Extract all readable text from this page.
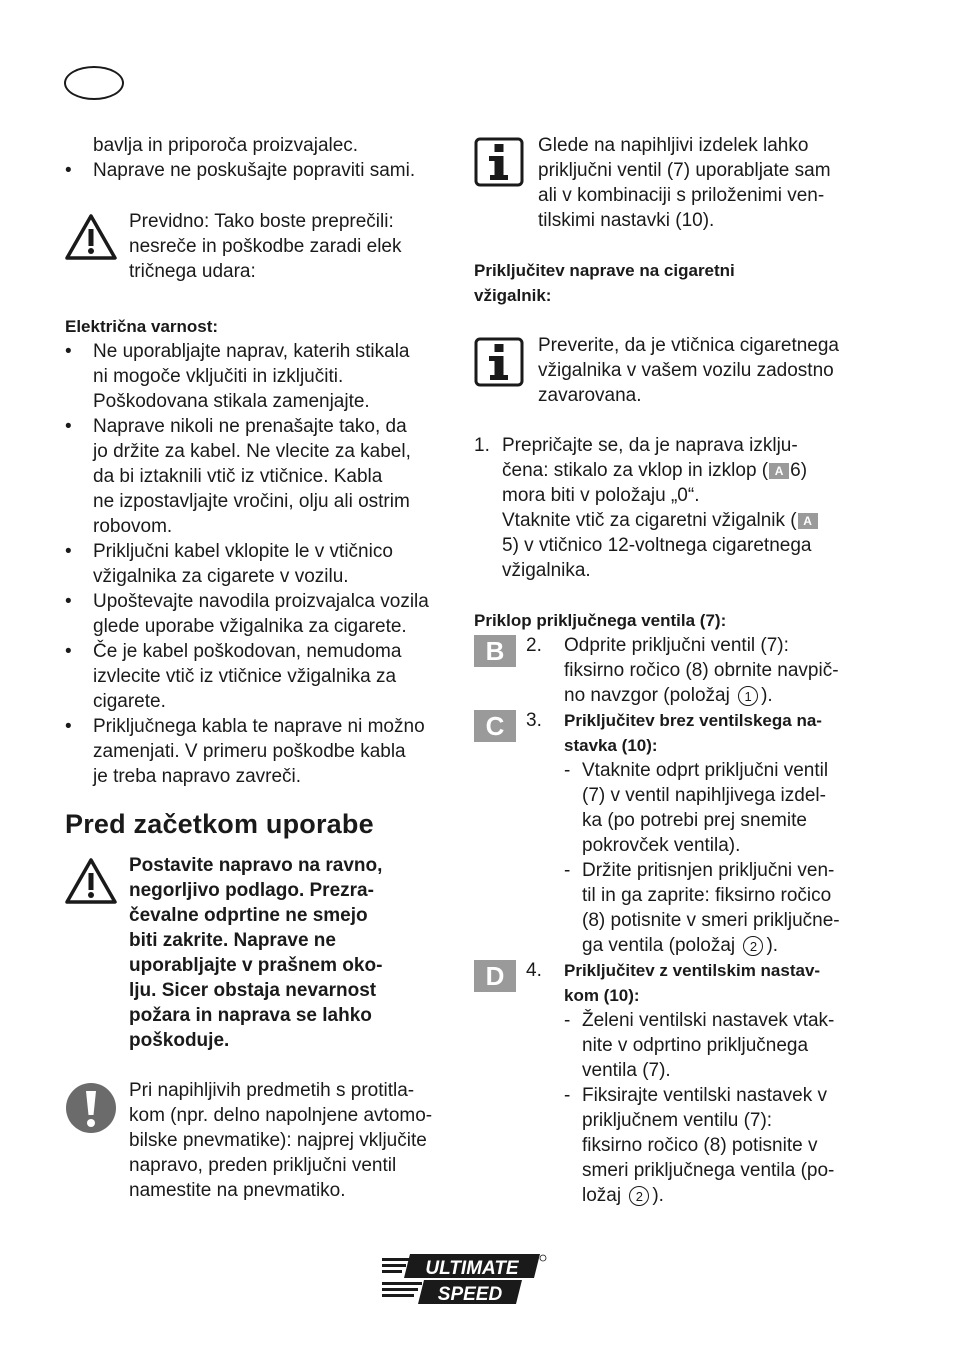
bavlja in priporoča proizvajalec.
• Naprave ne poskušajte popraviti sami.
Previdno: Tako boste preprečili:
nesreče in poškodbe zaradi elek
tričnega udara:
Električna varnost:
• Ne uporabljajte naprav, katerih stikala
ni mogoče vključiti in izključiti.
Poškodovana stikala zamenjajte.
• Naprave nikoli ne prenašajte tako, da
jo držite za kabel. Ne vlecite za kabel,
da bi iztaknili vtič iz vtičnice. Kabla
ne izpostavljajte vročini, olju ali ostrim
robovom.
• Priključni kabel vklopite le v vtičnico
vžigalnika za cigarete v vozilu.
• Upoštevajte navodila proizvajalca vozila
glede uporabe vžigalnika za cigarete.
• Če je kabel poškodovan, nemudoma
izvlecite vtič iz vtičnice vžigalnika za
cigarete.
• Priključnega kabla te naprave ni možno
zamenjati. V primeru poškodbe kabla
je treba napravo zavreči.
Pred začetkom uporabe
Postavite napravo na ravno,
negorljivo podlago. Prezra-
čevalne odprtine ne smejo
biti zakrite. Naprave ne
uporabljajte v prašnem oko-
lju. Sicer obstaja nevarnost
požara in naprava se lahko
poškoduje.
Pri napihljivih predmetih s protitla-
kom (npr. delno napolnjene avtomo-
bilske pnevmatike): najprej vključite
napravo, preden priključni ventil
namestite na pnevmatiko.
Glede na napihljivi izdelek lahko
priključni ventil (7) uporabljate sam
ali v kombinaciji s priloženimi ven-
tilskimi nastavki (10).
Priključitev naprave na cigaretni
vžigalnik:
Preverite, da je vtičnica cigaretnega
vžigalnika v vašem vozilu zadostno
zavarovana.
1. Prepričajte se, da je naprava izklju-
čena: stikalo za vklop in izklop ( A 6)
mora biti v položaju „0“.
Vtaknite vtič za cigaretni vžigalnik ( A
5) v vtičnico 12-voltnega cigaretnega
vžigalnika.
Priklop priključnega ventila (7):
B	2. Odprite priključni ventil (7):
fiksirno ročico (8) obrnite navpič-
no navzgor (položaj 1 ).
C	3. Priključitev brez ventilskega na-
stavka (10):
- Vtaknite odprt priključni ventil
(7) v ventil napihljivega izdel-
ka (po potrebi prej snemite
pokrovček ventila).
- Držite pritisnjen priključni ven-
til in ga zaprite: fiksirno ročico
(8) potisnite v smeri priključne-
ga ventila (položaj 2 ).
D	4. Priključitev z ventilskim nastav-
kom (10):
- Želeni ventilski nastavek vtak-
nite v odprtino priključnega
ventila (7).
- Fiksirajte ventilski nastavek v
priključnem ventilu (7):
fiksirno ročico (8) potisnite v
smeri priključnega ventila (po-
ložaj 2 ).
ULTIMATE
SPEED
